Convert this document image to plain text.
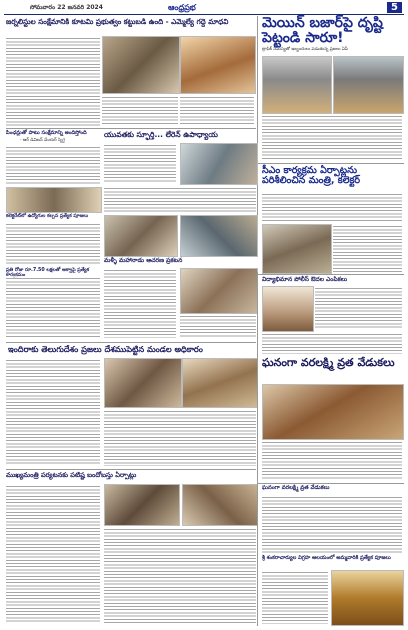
సోమవారం 22 జనవరి 2024	ఆంధ్రప్రభ	5
జర్నలిస్టుల సంక్షేమానికి కూటమి ప్రభుత్వం కట్టుబడి ఉంది - ఎమ్మెల్యే గద్దె మాధవి	మెయిన్ బజార్‌పై దృష్టి పెట్టండి సారూ!
ట్రాఫిక్ సమస్యతో ఇబ్బందులు పడుతున్న ప్రజలు ఏపీ
పింఛన్లుతో పాటు సంక్షేమాన్ని అందిస్తోంది
- ఆర్ డివిజన్ మేయర్ స్నిగ్ధ
యువతకు స్ఫూర్తి... లేరెన్ ఉపాధ్యాయ
కలెక్టరేట్‌లో ఉద్యోగుల కల్పన ప్రత్యేక పూజలు
సీఎం కార్యక్రమ ఏర్పాట్లను పరిశీలించిన మంత్రి, కలెక్టర్
ప్రతి రోజు రూ.7.50 లక్షలతో ఆక్వాపై ప్రత్యేక
మళ్ళీ మహానాడు ఆచరణ ప్రకటన
విద్యాభిమాన పోలీస్ ఔదల ఎంపికలు
ఇందిరాకు తెలుగుదేశం ప్రజలు దేశముపెట్టిన మండల అధికారం
ఘనంగా వరలక్ష్మి వ్రత వేడుకలు
ముఖ్యమంత్రి పర్యటనకు పటిష్ట బందోబస్తు ఏర్పాట్లు
ఘనంగా వరలక్ష్మి వ్రత వేడుకలు
శ్రీ శంకరాచార్యుల విగ్రహ ఆలయంలో అమ్మవారికి ప్రత్యేక పూజలు
